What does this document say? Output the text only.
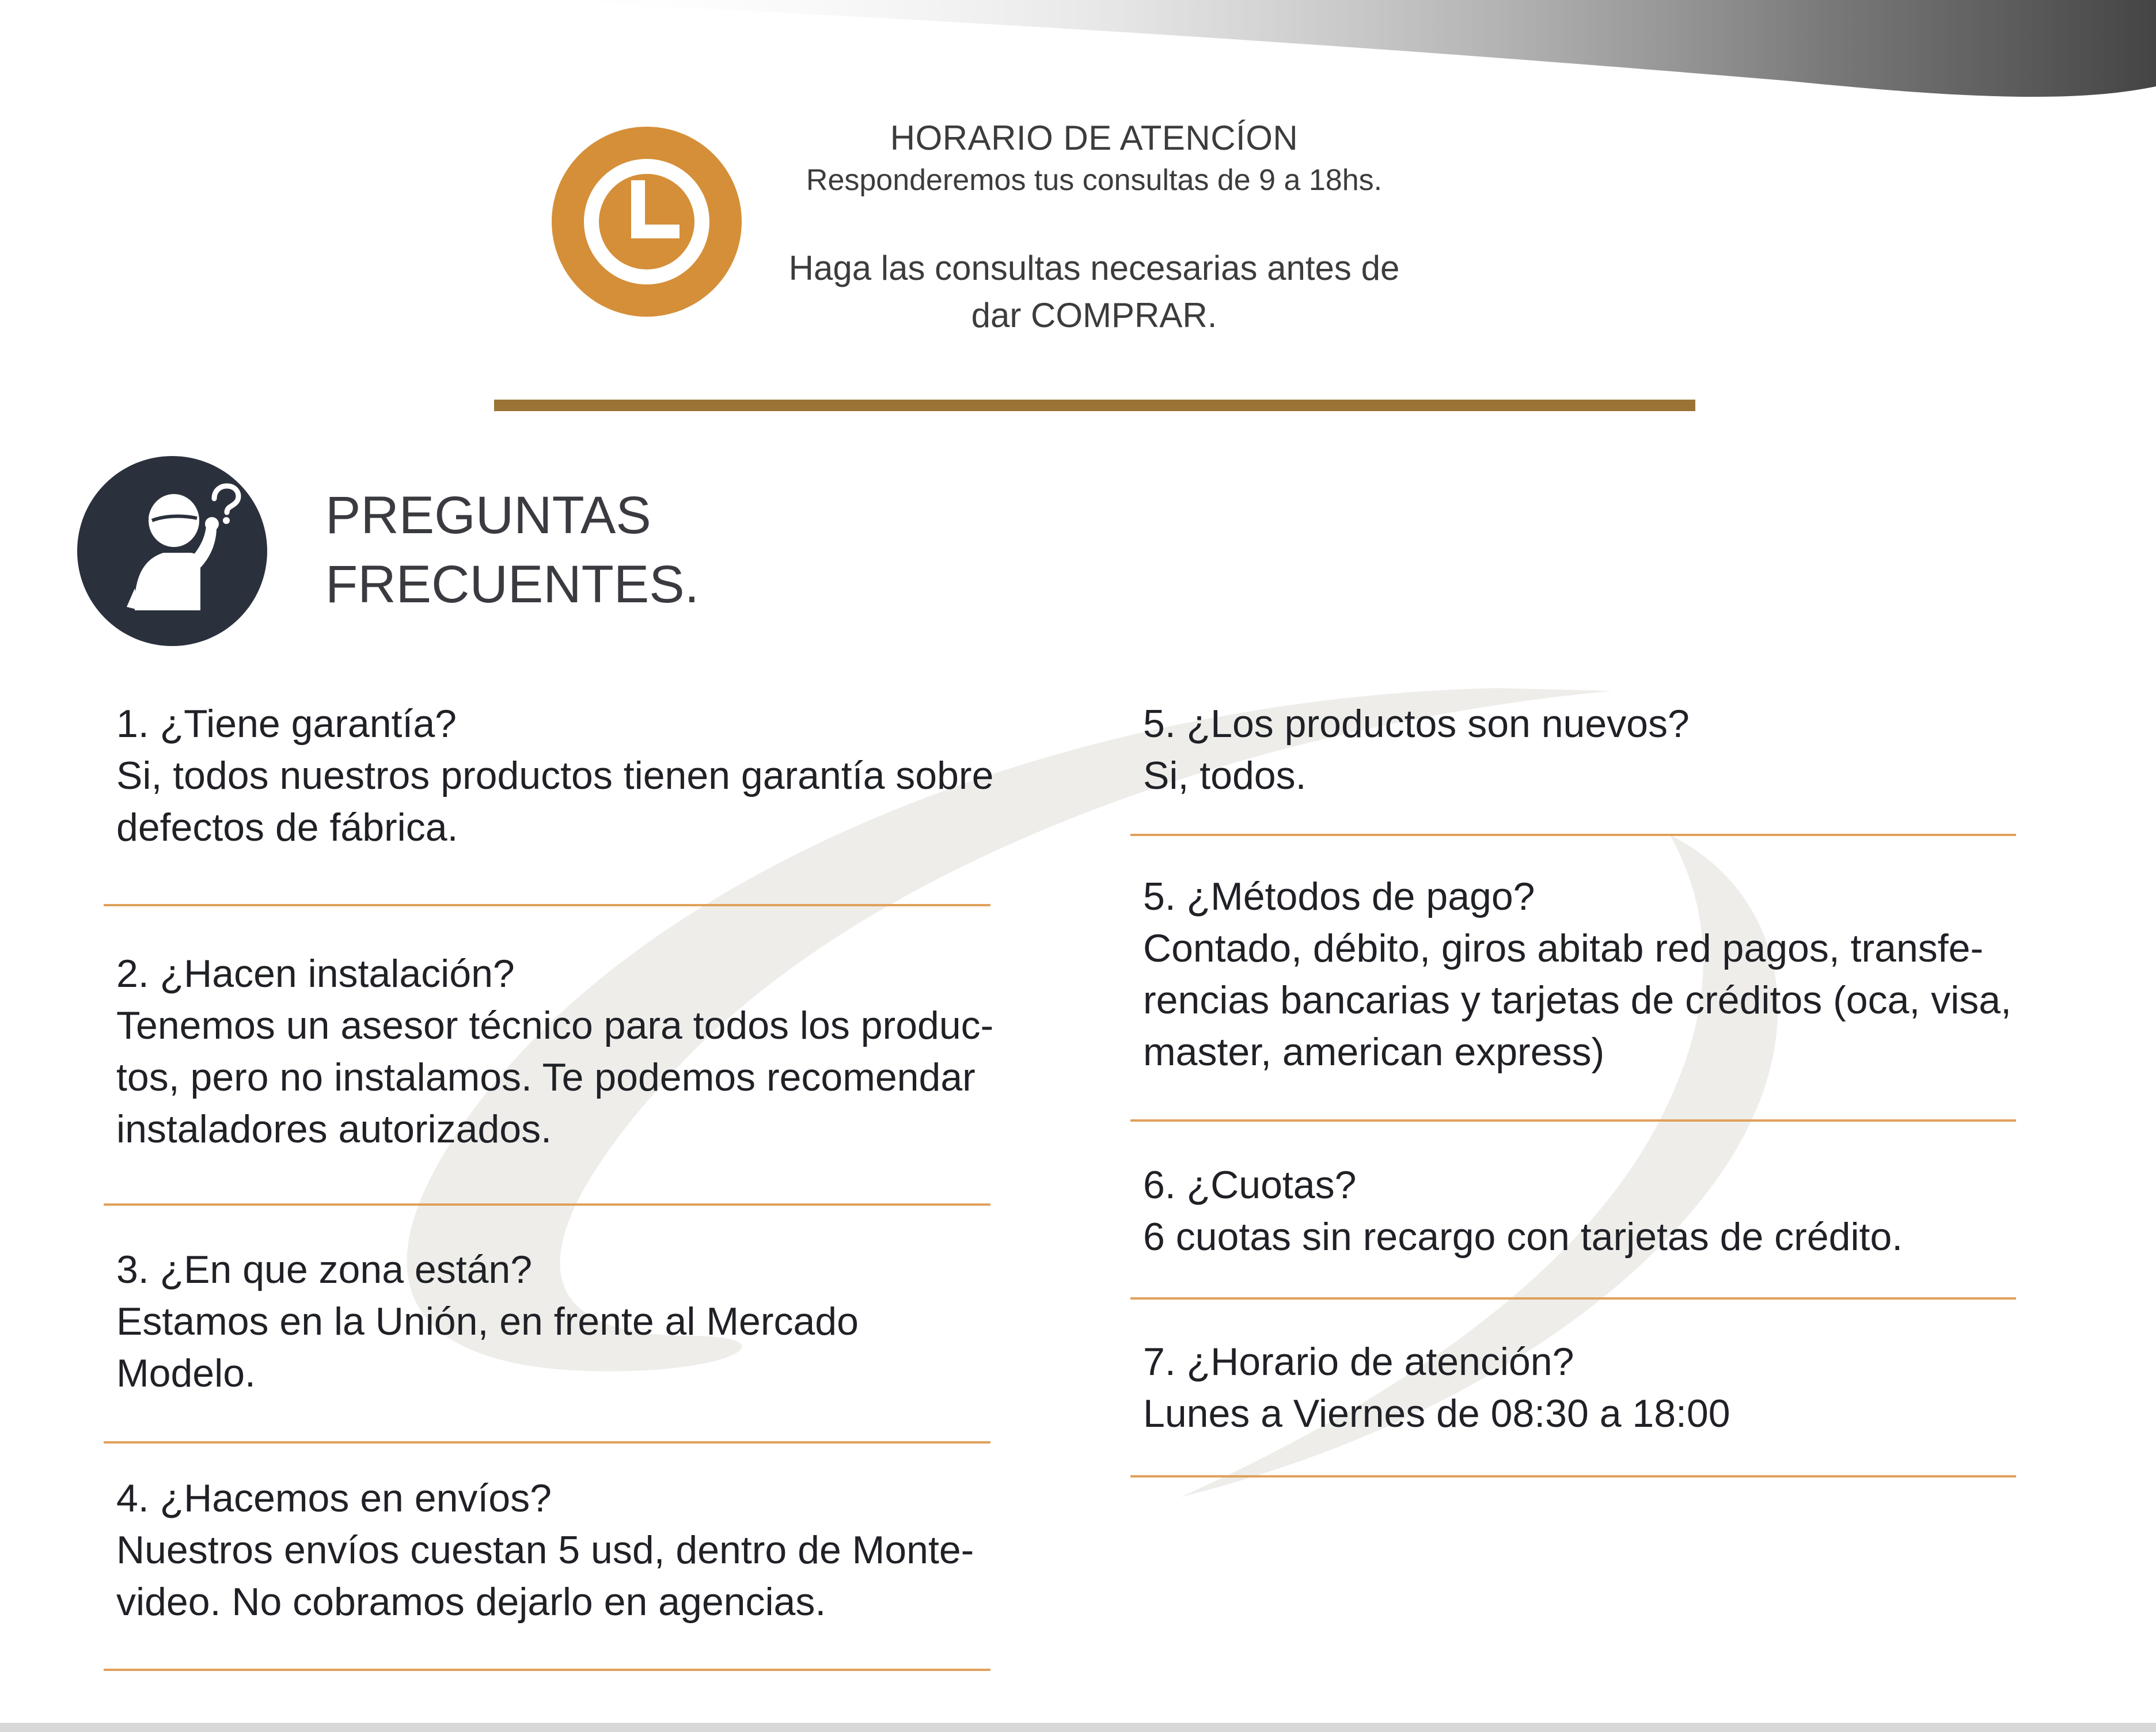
HORARIO DE ATENCÍON
Responderemos tus consultas de 9 a 18hs.
Haga las consultas necesarias antes de
dar COMPRAR.
PREGUNTAS
FRECUENTES.
1. ¿Tiene garantía?
Si, todos nuestros productos tienen garantía sobre
defectos de fábrica.
2. ¿Hacen instalación?
Tenemos un asesor técnico para todos los produc-
tos, pero no instalamos. Te podemos recomendar
instaladores autorizados.
3. ¿En que zona están?
Estamos en la Unión, en frente al Mercado
Modelo.
4. ¿Hacemos en envíos?
Nuestros envíos cuestan 5 usd, dentro de Monte-
video. No cobramos dejarlo en agencias.
5. ¿Los productos son nuevos?
Si, todos.
5. ¿Métodos de pago?
Contado, débito, giros abitab red pagos, transfe-
rencias bancarias y tarjetas de créditos (oca, visa,
master, american express)
6. ¿Cuotas?
6 cuotas sin recargo con tarjetas de crédito.
7. ¿Horario de atención?
Lunes a Viernes de 08:30 a 18:00
